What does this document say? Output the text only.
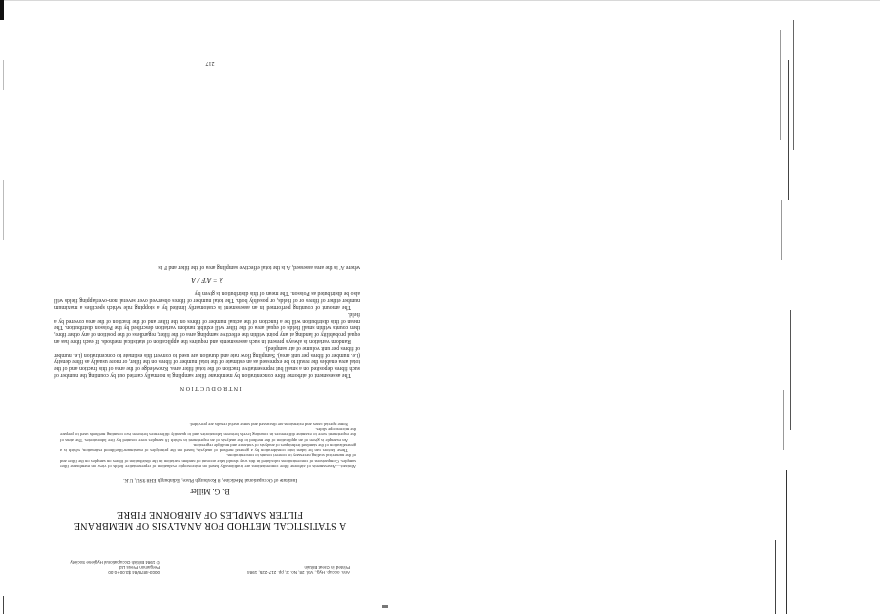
Ann. occup. Hyg., Vol. 28, No. 2, pp. 217-225, 1984
Printed in Great Britain
0003-4878/84 $3.00+0.00
Pergamon Press Ltd
© 1984 British Occupational Hygiene Society
A STATISTICAL METHOD FOR ANALYSIS OF MEMBRANE
FILTER SAMPLES OF AIRBORNE FIBRE
B. G. Miller
Institute of Occupational Medicine, 8 Roxburgh Place, Edinburgh EH8 9SU, U.K.

Abstract—Assessments of airborne fibre concentrations are traditionally based on microscopic evaluation of representative fields of view on membrane filter samples. Comparisons of concentrations calculated in this way should take account of random variation in the distribution of fibres on samples on the filter and of the numerical scaling necessary to convert counts to concentrations.

These factors can be taken into consideration by a general method of analysis, based on the principles of maximum-likelihood estimation, which is a generalization of the standard techniques of analysis of variance and multiple regression.

An example is given of an application of the method to the analysis of an experiment in which 16 samples were counted by five laboratories. The aims of the experiment were to examine differences in counting levels between laboratories and to quantify differences between two counting methods used to prepare the microscope slides.

Some special cases and extensions are discussed and some useful results are provided.

INTRODUCTION

The assessment of airborne fibre concentration by membrane filter sampling is normally carried out by counting the number of such fibres deposited on a small but representative fraction of the total filter area. Knowledge of the area of this fraction and of the total area enables the result to be expressed as an estimate of the total number of fibres on the filter, or more usually as fibre density (i.e. number of fibres per unit area). Sampling flow rate and duration are used to convert this estimate to concentration (i.e. number of fibres per unit volume of air sampled).

Random variation is always present in such assessments and requires the application of statistical methods. If each fibre has an equal probability of landing at any point within the effective sampling area of the filter, regardless of the position of any other fibre, then counts within small fields of equal area of the filter will exhibit random variation described by the Poisson distribution. The mean of this distribution will be a function of the actual number of fibres on the filter and of the fraction of the area covered by a field.

The amount of counting performed in an assessment is customarily limited by a stopping rule which specifies a maximum number either of fibres or of fields, or possibly both. The total number of fibres observed over several non-overlapping fields will also be distributed as Poisson. The mean of this distribution is given by

λ = A′F / A

where A′ is the area assessed, A is the total effective sampling area of the filter and F is

217
